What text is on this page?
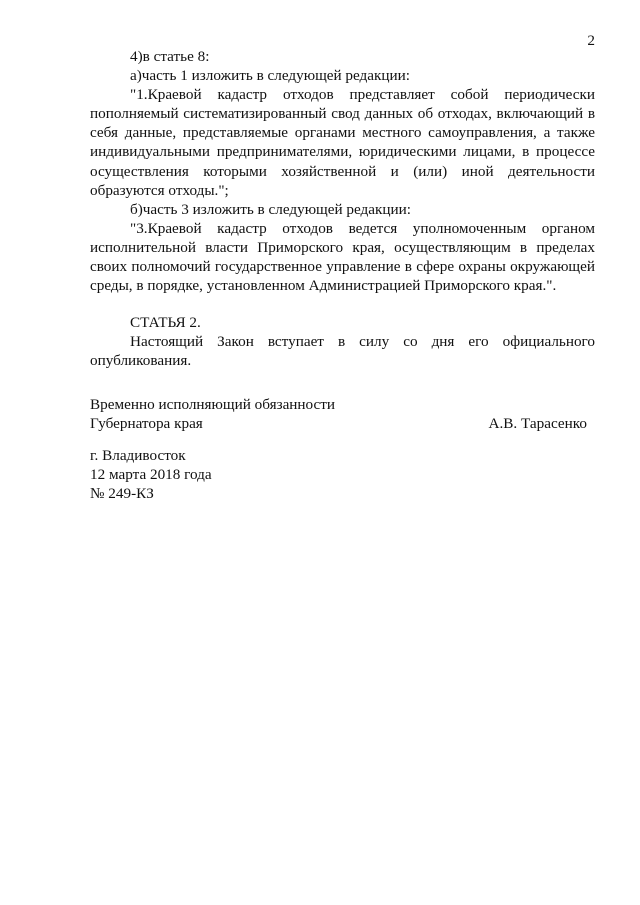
2

4)в статье 8:

а)часть 1 изложить в следующей редакции:

"1.Краевой кадастр отходов представляет собой периодически пополняемый систематизированный свод данных об отходах, включающий в себя данные, представляемые органами местного самоуправления, а также индивидуальными предпринимателями, юридическими лицами, в процессе осуществления которыми хозяйственной и (или) иной деятельности образуются отходы.";

б)часть 3 изложить в следующей редакции:

"3.Краевой кадастр отходов ведется уполномоченным органом исполнительной власти Приморского края, осуществляющим в пределах своих полномочий государственное управление в сфере охраны окружающей среды, в порядке, установленном Администрацией Приморского края.".

СТАТЬЯ 2.

Настоящий Закон вступает в силу со дня его официального опубликования.

Временно исполняющий обязанности
Губернатора края	А.В. Тарасенко
г. Владивосток
12 марта 2018 года
№ 249-КЗ
